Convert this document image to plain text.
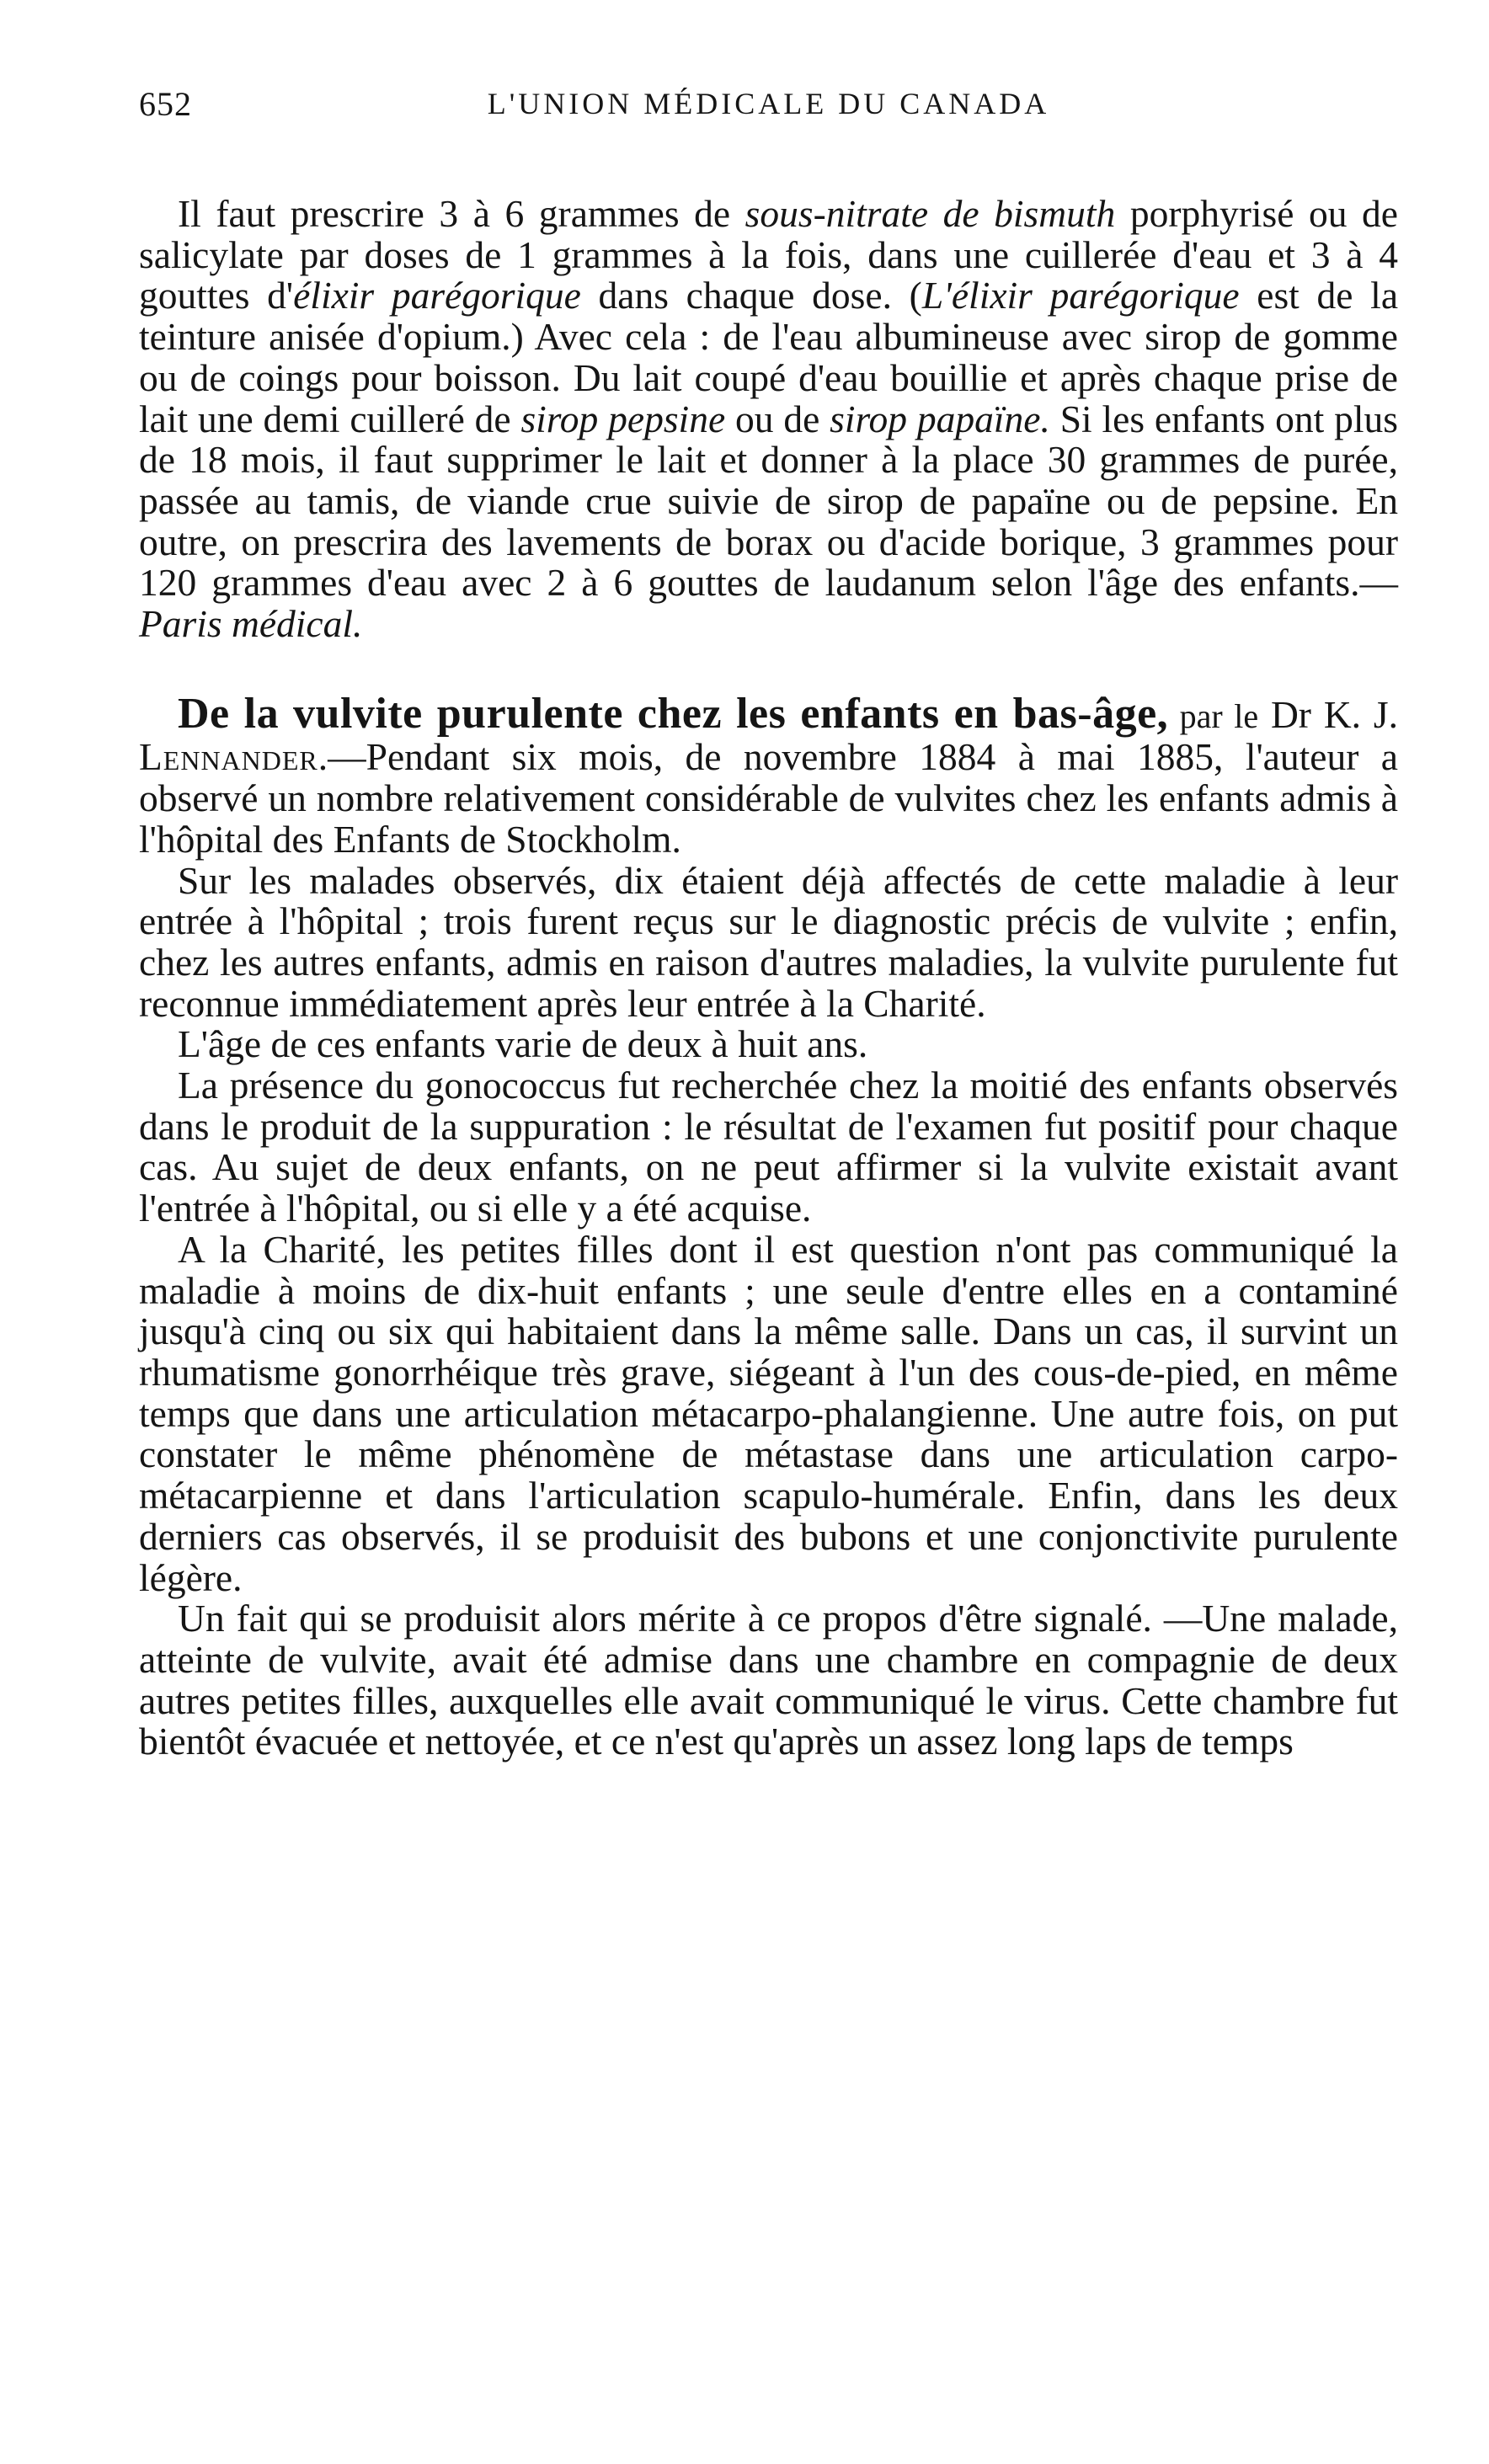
652	L'UNION MÉDICALE DU CANADA

Il faut prescrire 3 à 6 grammes de sous-nitrate de bismuth porphyrisé ou de salicylate par doses de 1 grammes à la fois, dans une cuillerée d'eau et 3 à 4 gouttes d'élixir parégorique dans chaque dose. (L'élixir parégorique est de la teinture anisée d'opium.) Avec cela : de l'eau albumineuse avec sirop de gomme ou de coings pour boisson. Du lait coupé d'eau bouillie et après chaque prise de lait une demi cuilleré de sirop pepsine ou de sirop papaïne. Si les enfants ont plus de 18 mois, il faut supprimer le lait et donner à la place 30 grammes de purée, passée au tamis, de viande crue suivie de sirop de papaïne ou de pepsine. En outre, on prescrira des lavements de borax ou d'acide borique, 3 grammes pour 120 grammes d'eau avec 2 à 6 gouttes de laudanum selon l'âge des enfants.—Paris médical.

De la vulvite purulente chez les enfants en bas-âge, par le Dr K. J. Lennander.—Pendant six mois, de novembre 1884 à mai 1885, l'auteur a observé un nombre relativement considérable de vulvites chez les enfants admis à l'hôpital des Enfants de Stockholm.

Sur les malades observés, dix étaient déjà affectés de cette maladie à leur entrée à l'hôpital ; trois furent reçus sur le diagnostic précis de vulvite ; enfin, chez les autres enfants, admis en raison d'autres maladies, la vulvite purulente fut reconnue immédiatement après leur entrée à la Charité.

L'âge de ces enfants varie de deux à huit ans.

La présence du gonococcus fut recherchée chez la moitié des enfants observés dans le produit de la suppuration : le résultat de l'examen fut positif pour chaque cas. Au sujet de deux enfants, on ne peut affirmer si la vulvite existait avant l'entrée à l'hôpital, ou si elle y a été acquise.

A la Charité, les petites filles dont il est question n'ont pas communiqué la maladie à moins de dix-huit enfants ; une seule d'entre elles en a contaminé jusqu'à cinq ou six qui habitaient dans la même salle. Dans un cas, il survint un rhumatisme gonorrhéique très grave, siégeant à l'un des cous-de-pied, en même temps que dans une articulation métacarpo-phalangienne. Une autre fois, on put constater le même phénomène de métastase dans une articulation carpo-métacarpienne et dans l'articulation scapulo-humérale. Enfin, dans les deux derniers cas observés, il se produisit des bubons et une conjonctivite purulente légère.

Un fait qui se produisit alors mérite à ce propos d'être signalé. —Une malade, atteinte de vulvite, avait été admise dans une chambre en compagnie de deux autres petites filles, auxquelles elle avait communiqué le virus. Cette chambre fut bientôt évacuée et nettoyée, et ce n'est qu'après un assez long laps de temps
